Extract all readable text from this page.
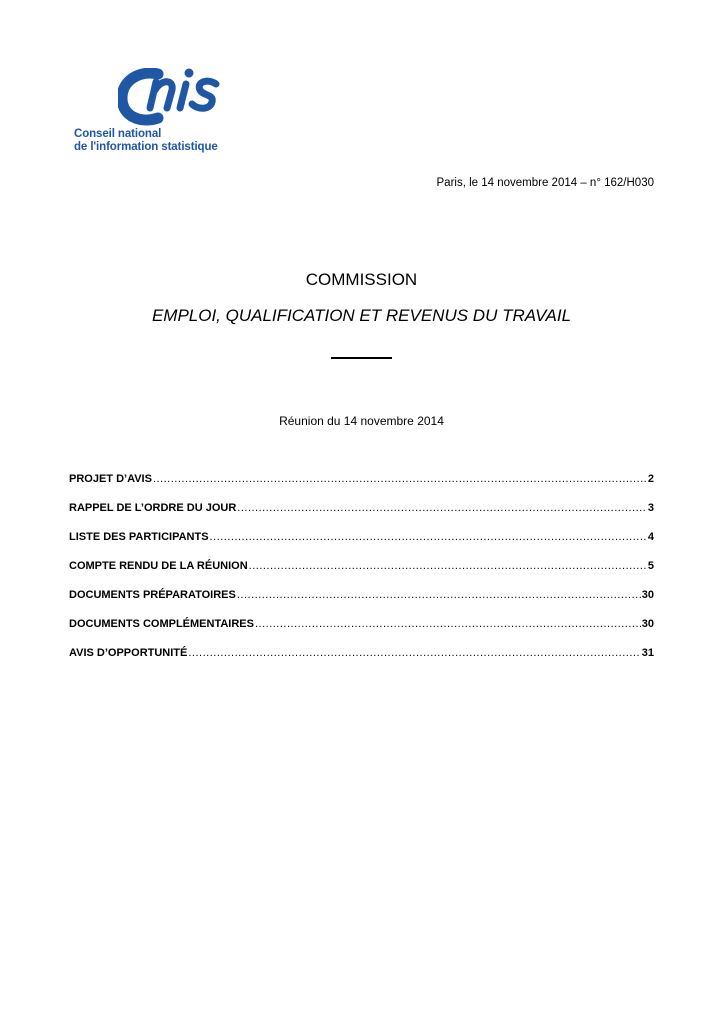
Conseil national
de l'information statistique
Paris, le 14 novembre 2014 – n° 162/H030
COMMISSION
EMPLOI, QUALIFICATION ET REVENUS DU TRAVAIL
Réunion du 14 novembre 2014
PROJET D’AVIS .....	2
RAPPEL DE L’ORDRE DU JOUR .....	3
LISTE DES PARTICIPANTS .....	4
COMPTE RENDU DE LA RÉUNION .....	5
DOCUMENTS PRÉPARATOIRES .....	30
DOCUMENTS COMPLÉMENTAIRES .....	30
AVIS D’OPPORTUNITÉ .....	31
